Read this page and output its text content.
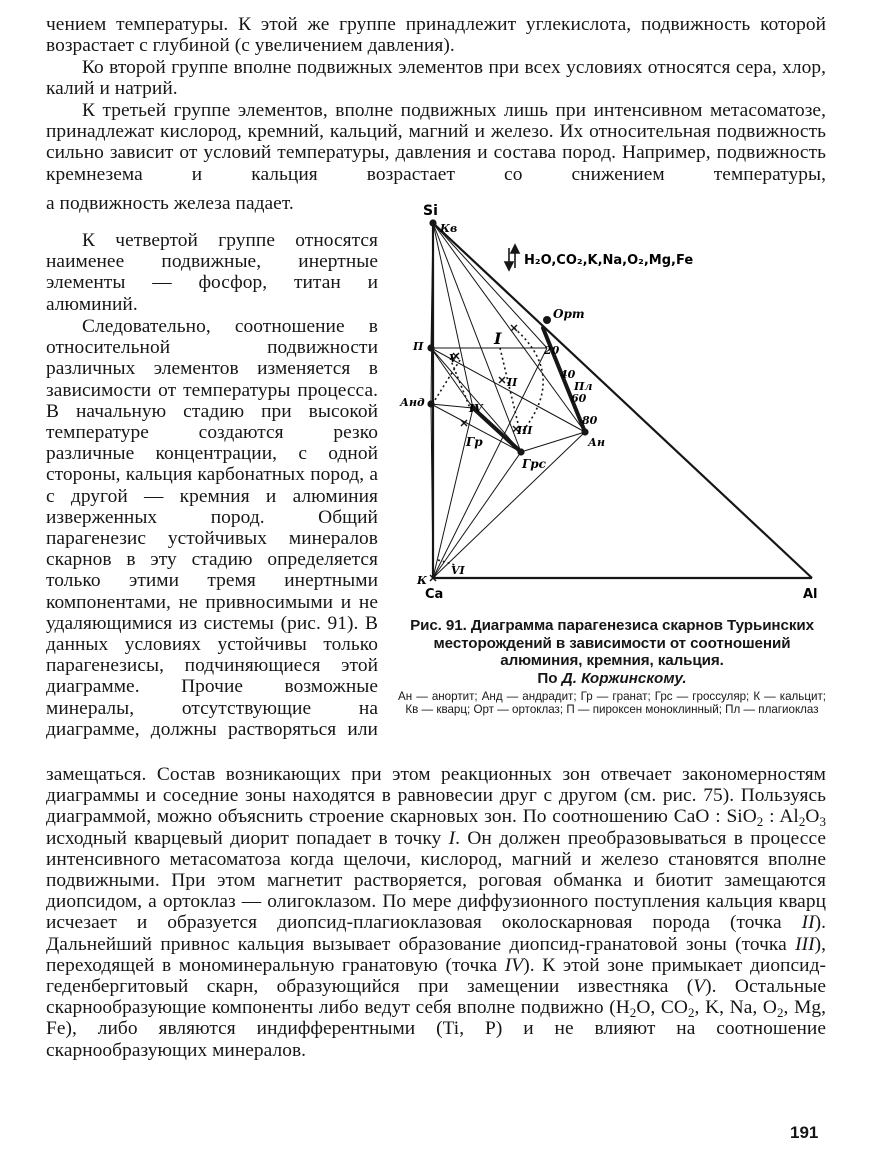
чением температуры. К этой же группе принадлежит углекислота, подвижность которой возрастает с глубиной (с увеличением давления).

Ко второй группе вполне подвижных элементов при всех условиях относятся сера, хлор, калий и натрий.

К третьей группе элементов, вполне подвижных лишь при интенсивном метасоматозе, принадлежат кислород, кремний, кальций, магний и железо. Их относительная подвижность сильно зависит от условий температуры, давления и состава пород. Например, подвижность кремнезема и кальция возрастает со снижением температуры,

а подвижность железа падает.

К четвертой группе относятся наименее подвижные, инертные элементы — фосфор, титан и алюминий.

Следовательно, соотношение в относительной подвижности различных элементов изменяется в зависимости от температуры процесса. В начальную стадию при высокой температуре создаются резко различные концентрации, с одной стороны, кальция карбонатных пород, а с другой — кремния и алюминия изверженных пород. Общий парагенезис устойчивых минералов скарнов в эту стадию определяется только этими тремя инертными компонентами, не привносимыми и не удаляющимися из системы (рис. 91). В данных условиях устойчивы только парагенезисы, подчиняющиеся этой диаграмме. Прочие возможные минералы, отсутствующие на диаграмме, должны растворяться или

замещаться. Состав возникающих при этом реакционных зон отвечает закономерностям диаграммы и соседние зоны находятся в равновесии друг с другом (см. рис. 75). Пользуясь диаграммой, можно объяснить строение скарновых зон. По соотношению CaO : SiO$_2$ : $Al_2O_3$ исходный кварцевый диорит попадает в точку I. Он должен преобразовываться в процессе интенсивного метасоматоза когда щелочи, кислород, магний и железо становятся вполне подвижными. При этом магнетит растворяется, роговая обманка и биотит замещаются диопсидом, а ортоклаз — олигоклазом. По мере диффузионного поступления кальция кварц исчезает и образуется диопсид-плагиоклазовая околоскарновая порода (точка II). Дальнейший привнос кальция вызывает образование диопсид-гранатовой зоны (точка III), переходящей в мономинеральную гранатовую (точка IV). К этой зоне примыкает диопсид-геденбергитовый скарн, образующийся при замещении известняка (V). Остальные скарнообразующие компоненты либо ведут себя вполне подвижно ($H_2O$, $CO_2$, K, Na, $O_2$, Mg, Fe), либо являются индифферентными (Ti, P) и не влияют на соотношение скарнообразующих минералов.

Si
Кв
H₂O,CO₂,K,Na,O₂,Mg,Fe
Орт
I
П
V
20
40
II	Пл
60
Анд	IV
80
III
Ан
Гр
Грс
VI
К
Ca	Al

Рис. 91. Диаграмма парагенезиса скарнов Турьинских месторождений в зависимости от соотношений алюминия, кремния, кальция.

По Д. Коржинскому.

Ан — анортит; Анд — андрадит; Гр — гранат; Грс — гроссуляр; К — кальцит; Кв — кварц; Орт — ортоклаз; П — пироксен моноклинный; Пл — плагиоклаз

191
